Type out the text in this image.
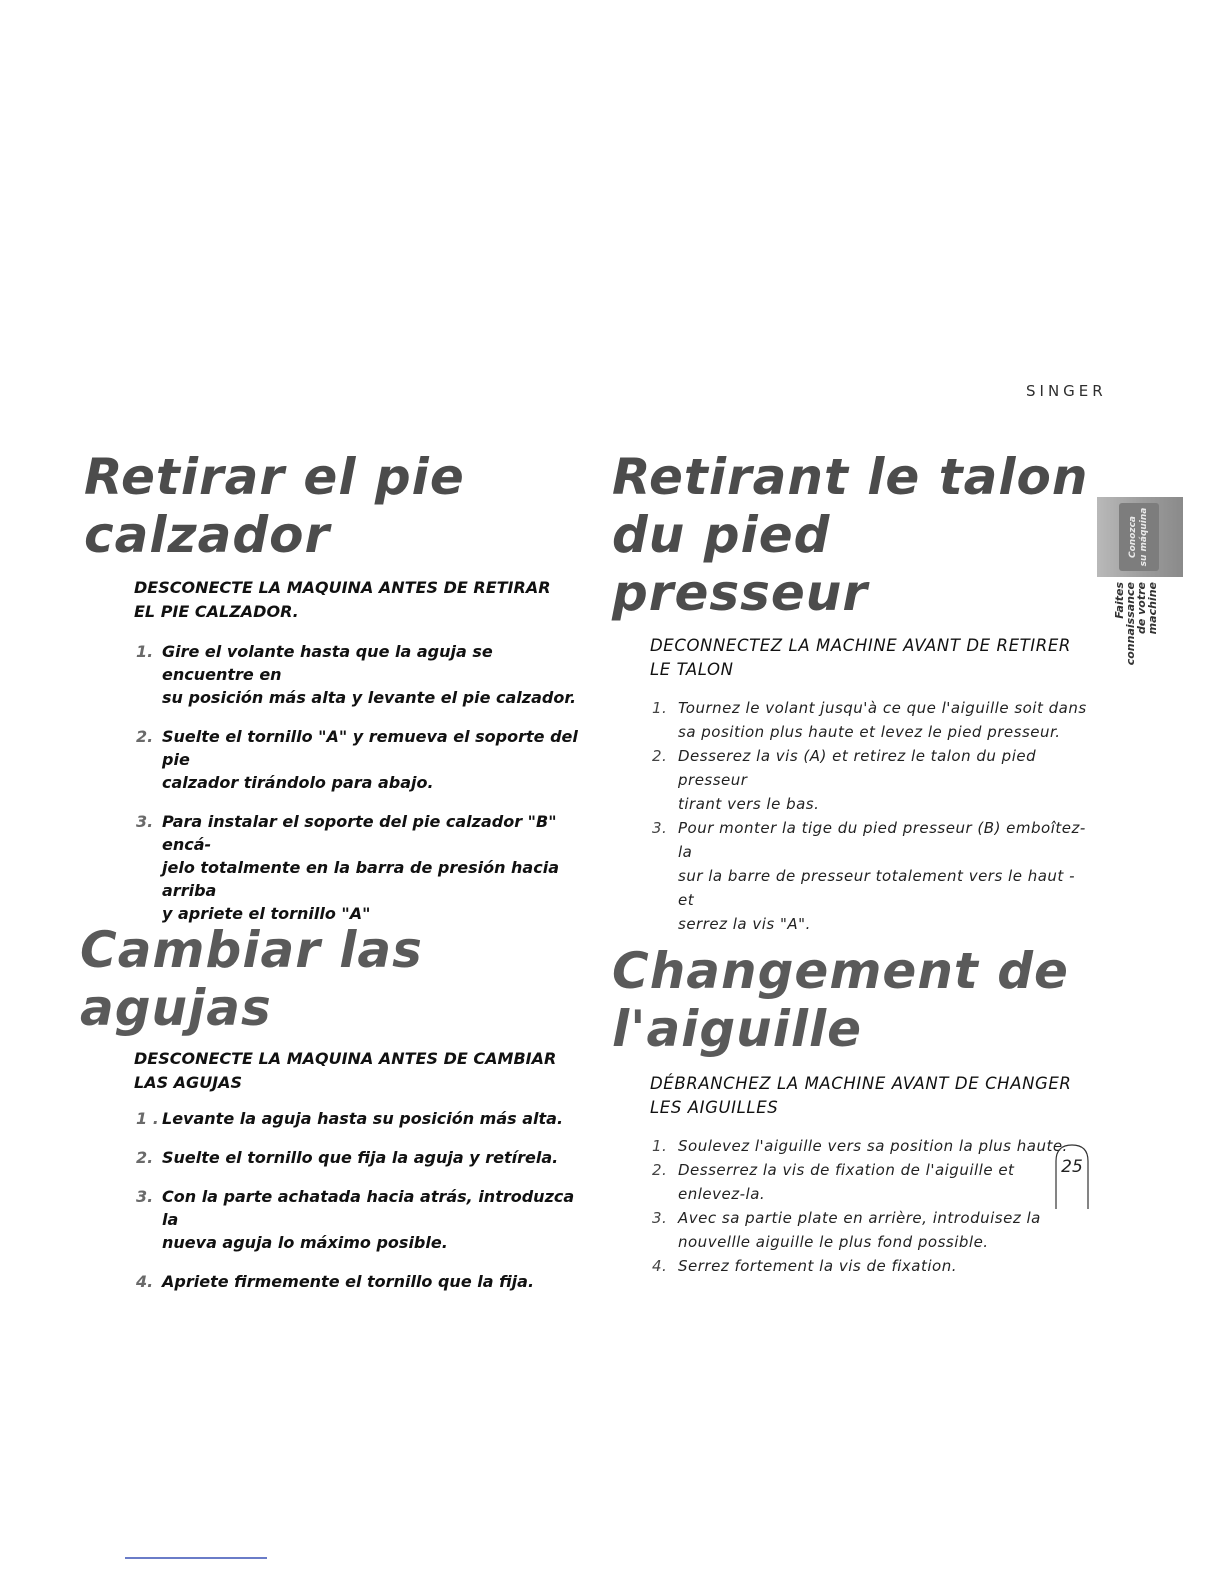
SINGER
Conozca su máquina
Faites
connaissance
de votre
machine
Retirar el pie
calzador

DESCONECTE LA MAQUINA ANTES DE RETIRAR
EL PIE CALZADOR.

1. Gire el volante hasta que la aguja se encuentre en
su posición más alta y levante el pie calzador.
2. Suelte el tornillo "A" y remueva el soporte del pie
calzador tirándolo para abajo.
3. Para instalar el soporte del pie calzador "B" encá-
jelo totalmente en la barra de presión hacia arriba
y apriete el tornillo "A"
Cambiar las agujas

DESCONECTE LA MAQUINA ANTES DE CAMBIAR
LAS AGUJAS

1 . Levante la aguja hasta su posición más alta.
2. Suelte el tornillo que fija la aguja y retírela.
3. Con la parte achatada hacia atrás, introduzca la
nueva aguja lo máximo posible.
4. Apriete firmemente el tornillo que la fija.
Retirant le talon
du pied presseur

DECONNECTEZ LA MACHINE AVANT DE RETIRER
LE TALON

1. Tournez le volant jusqu'à ce que l'aiguille soit dans
sa position plus haute et levez le pied presseur.
2. Desserez la vis (A) et retirez le talon du pied presseur
tirant vers le bas.
3. Pour monter la tige du pied presseur (B) emboîtez-la
sur la barre de presseur totalement vers le haut - et
serrez la vis "A".
Changement de
l'aiguille

DÉBRANCHEZ LA MACHINE AVANT DE CHANGER
LES AIGUILLES

1. Soulevez l'aiguille vers sa position la plus haute.
2. Desserrez la vis de fixation de l'aiguille et
enlevez-la.
3. Avec sa partie plate en arrière, introduisez la
nouvellle aiguille le plus fond possible.
4. Serrez fortement la vis de fixation.
25
